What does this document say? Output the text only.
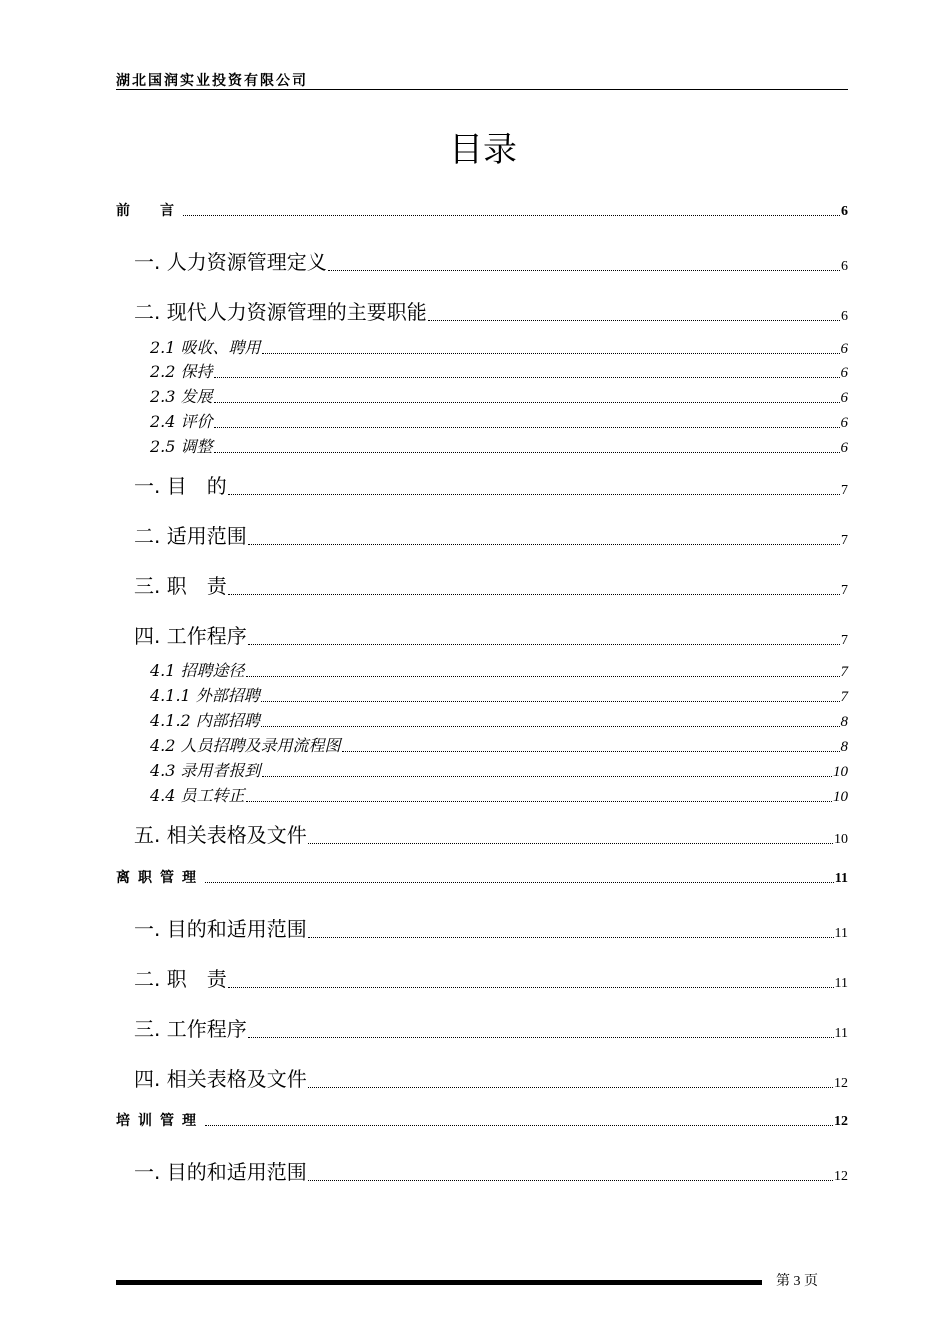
湖北国润实业投资有限公司
目录
前　言	6
一. 人力资源管理定义	6
二. 现代人力资源管理的主要职能	6
2.1 吸收、聘用	6
2.2 保持	6
2.3 发展	6
2.4 评价	6
2.5 调整	6
一. 目　的	7
二. 适用范围	7
三. 职　责	7
四. 工作程序	7
4.1 招聘途径	7
4.1.1 外部招聘	7
4.1.2 内部招聘	8
4.2 人员招聘及录用流程图	8
4.3 录用者报到	10
4.4 员工转正	10
五. 相关表格及文件	10
离职管理	11
一. 目的和适用范围	11
二. 职　责	11
三. 工作程序	11
四. 相关表格及文件	12
培训管理	12
一. 目的和适用范围	12
第 3 页
